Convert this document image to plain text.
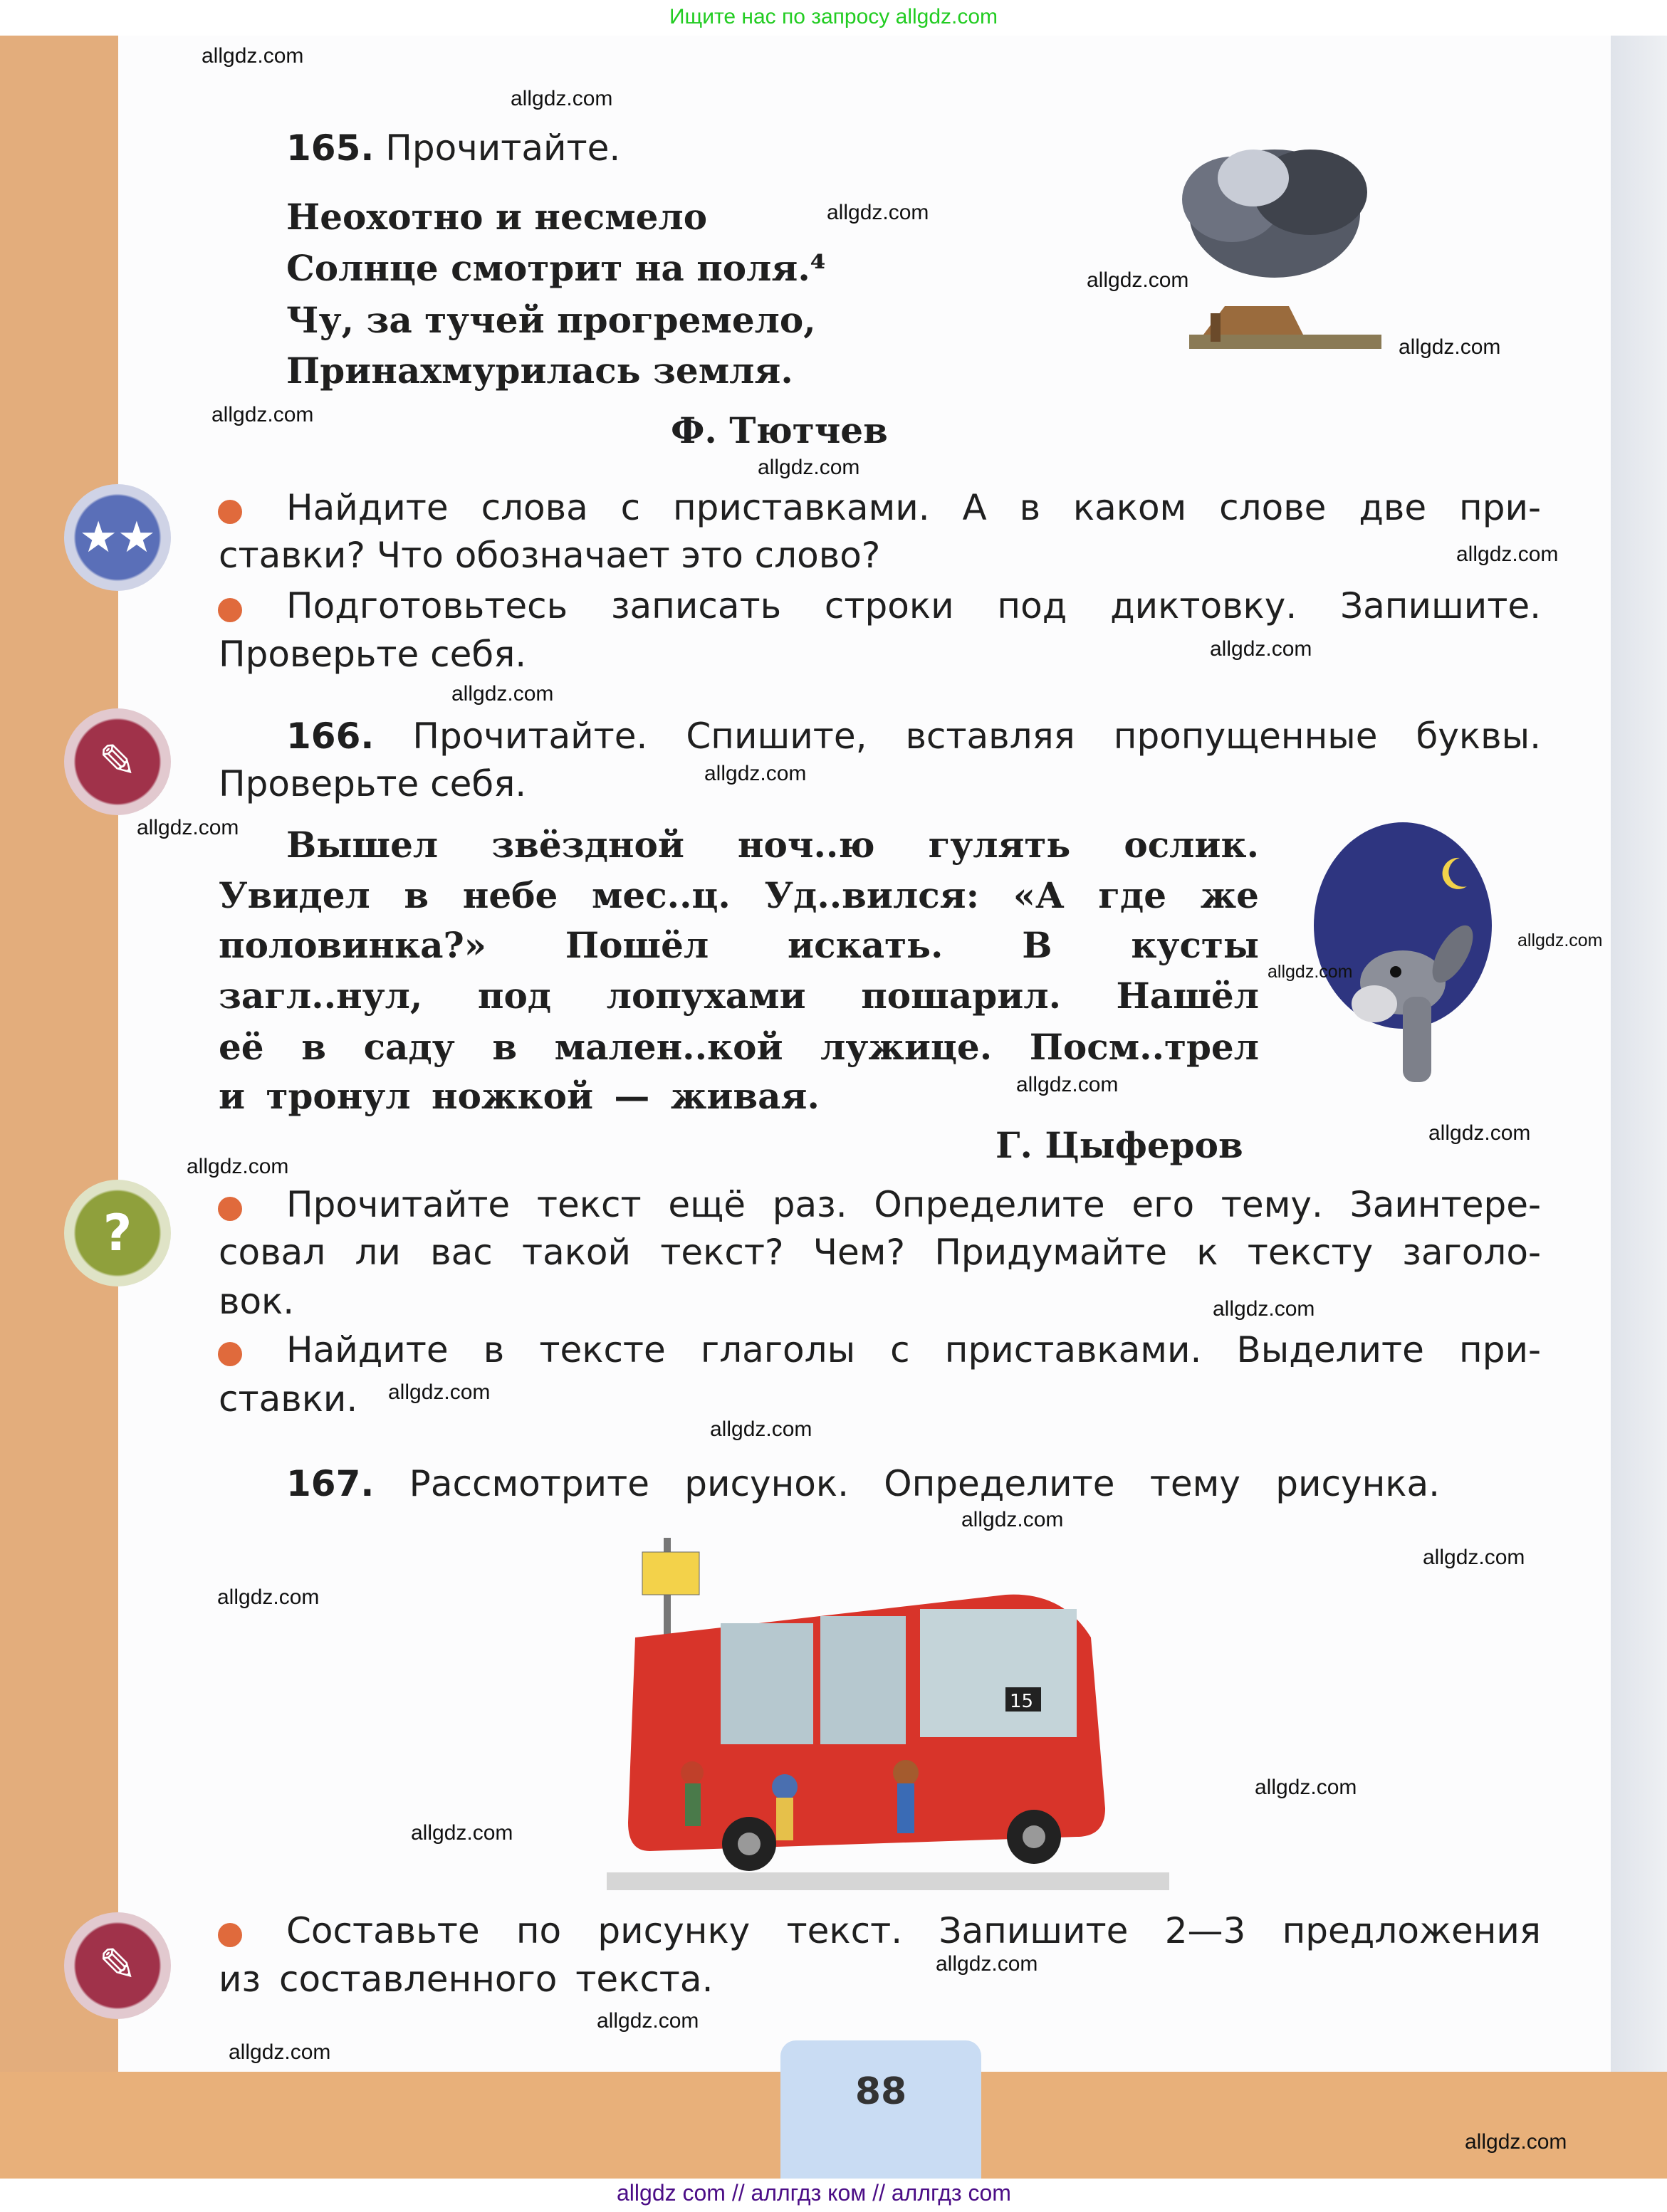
Ищите нас по запросу allgdz.com
15
★★
✎
?
✎
165. Прочитайте.
Неохотно и несмело
Солнце смотрит на поля.⁴
Чу, за тучей прогремело,
Принахмурилась земля.
Ф. Тютчев
Найдите слова с приставками. А в каком слове две при-
ставки? Что обозначает это слово?
Подготовьтесь записать строки под диктовку. Запишите.
Проверьте себя.
166. Прочитайте. Спишите, вставляя пропущенные буквы.
Проверьте себя.
Вышел звёздной ноч..ю гулять ослик.
Увидел в небе мес..ц. Уд..вился: «А где же
половинка?» Пошёл искать. В кусты
загл..нул, под лопухами пошарил. Нашёл
её в саду в мален..кой лужице. Посм..трел
и тронул ножкой — живая.
Г. Цыферов
Прочитайте текст ещё раз. Определите его тему. Заинтере-
совал ли вас такой текст? Чем? Придумайте к тексту заголо-
вок.
Найдите в тексте глаголы с приставками. Выделите при-
ставки.
167. Рассмотрите рисунок. Определите тему рисунка.
Составьте по рисунку текст. Запишите 2—3 предложения
из составленного текста.
88
allgdz.com
allgdz.com
allgdz.com
allgdz.com
allgdz.com
allgdz.com
allgdz.com
allgdz.com
allgdz.com
allgdz.com
allgdz.com
allgdz.com
allgdz.com
allgdz.com
allgdz.com
allgdz.com
allgdz.com
allgdz.com
allgdz.com
allgdz.com
allgdz.com
allgdz.com
allgdz.com
allgdz.com
allgdz.com
allgdz.com
allgdz.com
allgdz.com
allgdz.com
allgdz com // аллгдз ком // аллгдз com
